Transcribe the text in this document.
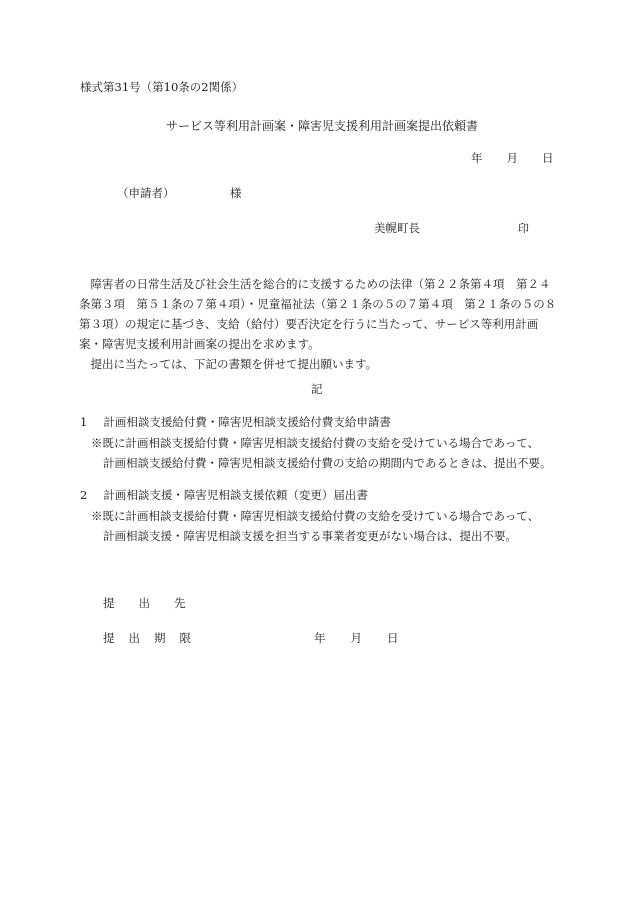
様式第31号（第10条の2関係）
サービス等利用計画案・障害児支援利用計画案提出依頼書
年 月 日
（申請者）	様
美幌町長	印

障害者の日常生活及び社会生活を総合的に支援するための法律（第２２条第４項　第２４条第３項　第５１条の７第４項）・児童福祉法（第２１条の５の７第４項　第２１条の５の８第３項）の規定に基づき、支給（給付）要否決定を行うに当たって、サービス等利用計画案・障害児支援利用計画案の提出を求めます。

提出に当たっては、下記の書類を併せて提出願います。

記
1 計画相談支援給付費・障害児相談支援給付費支給申請書
※既に計画相談支援給付費・障害児相談支援給付費の支給を受けている場合であって、
計画相談支援給付費・障害児相談支援給付費の支給の期間内であるときは、提出不要。
2 計画相談支援・障害児相談支援依頼（変更）届出書
※既に計画相談支援給付費・障害児相談支援給付費の支給を受けている場合であって、
計画相談支援・障害児相談支援を担当する事業者変更がない場合は、提出不要。
提 出 先
提 出 期 限	年 月 日
